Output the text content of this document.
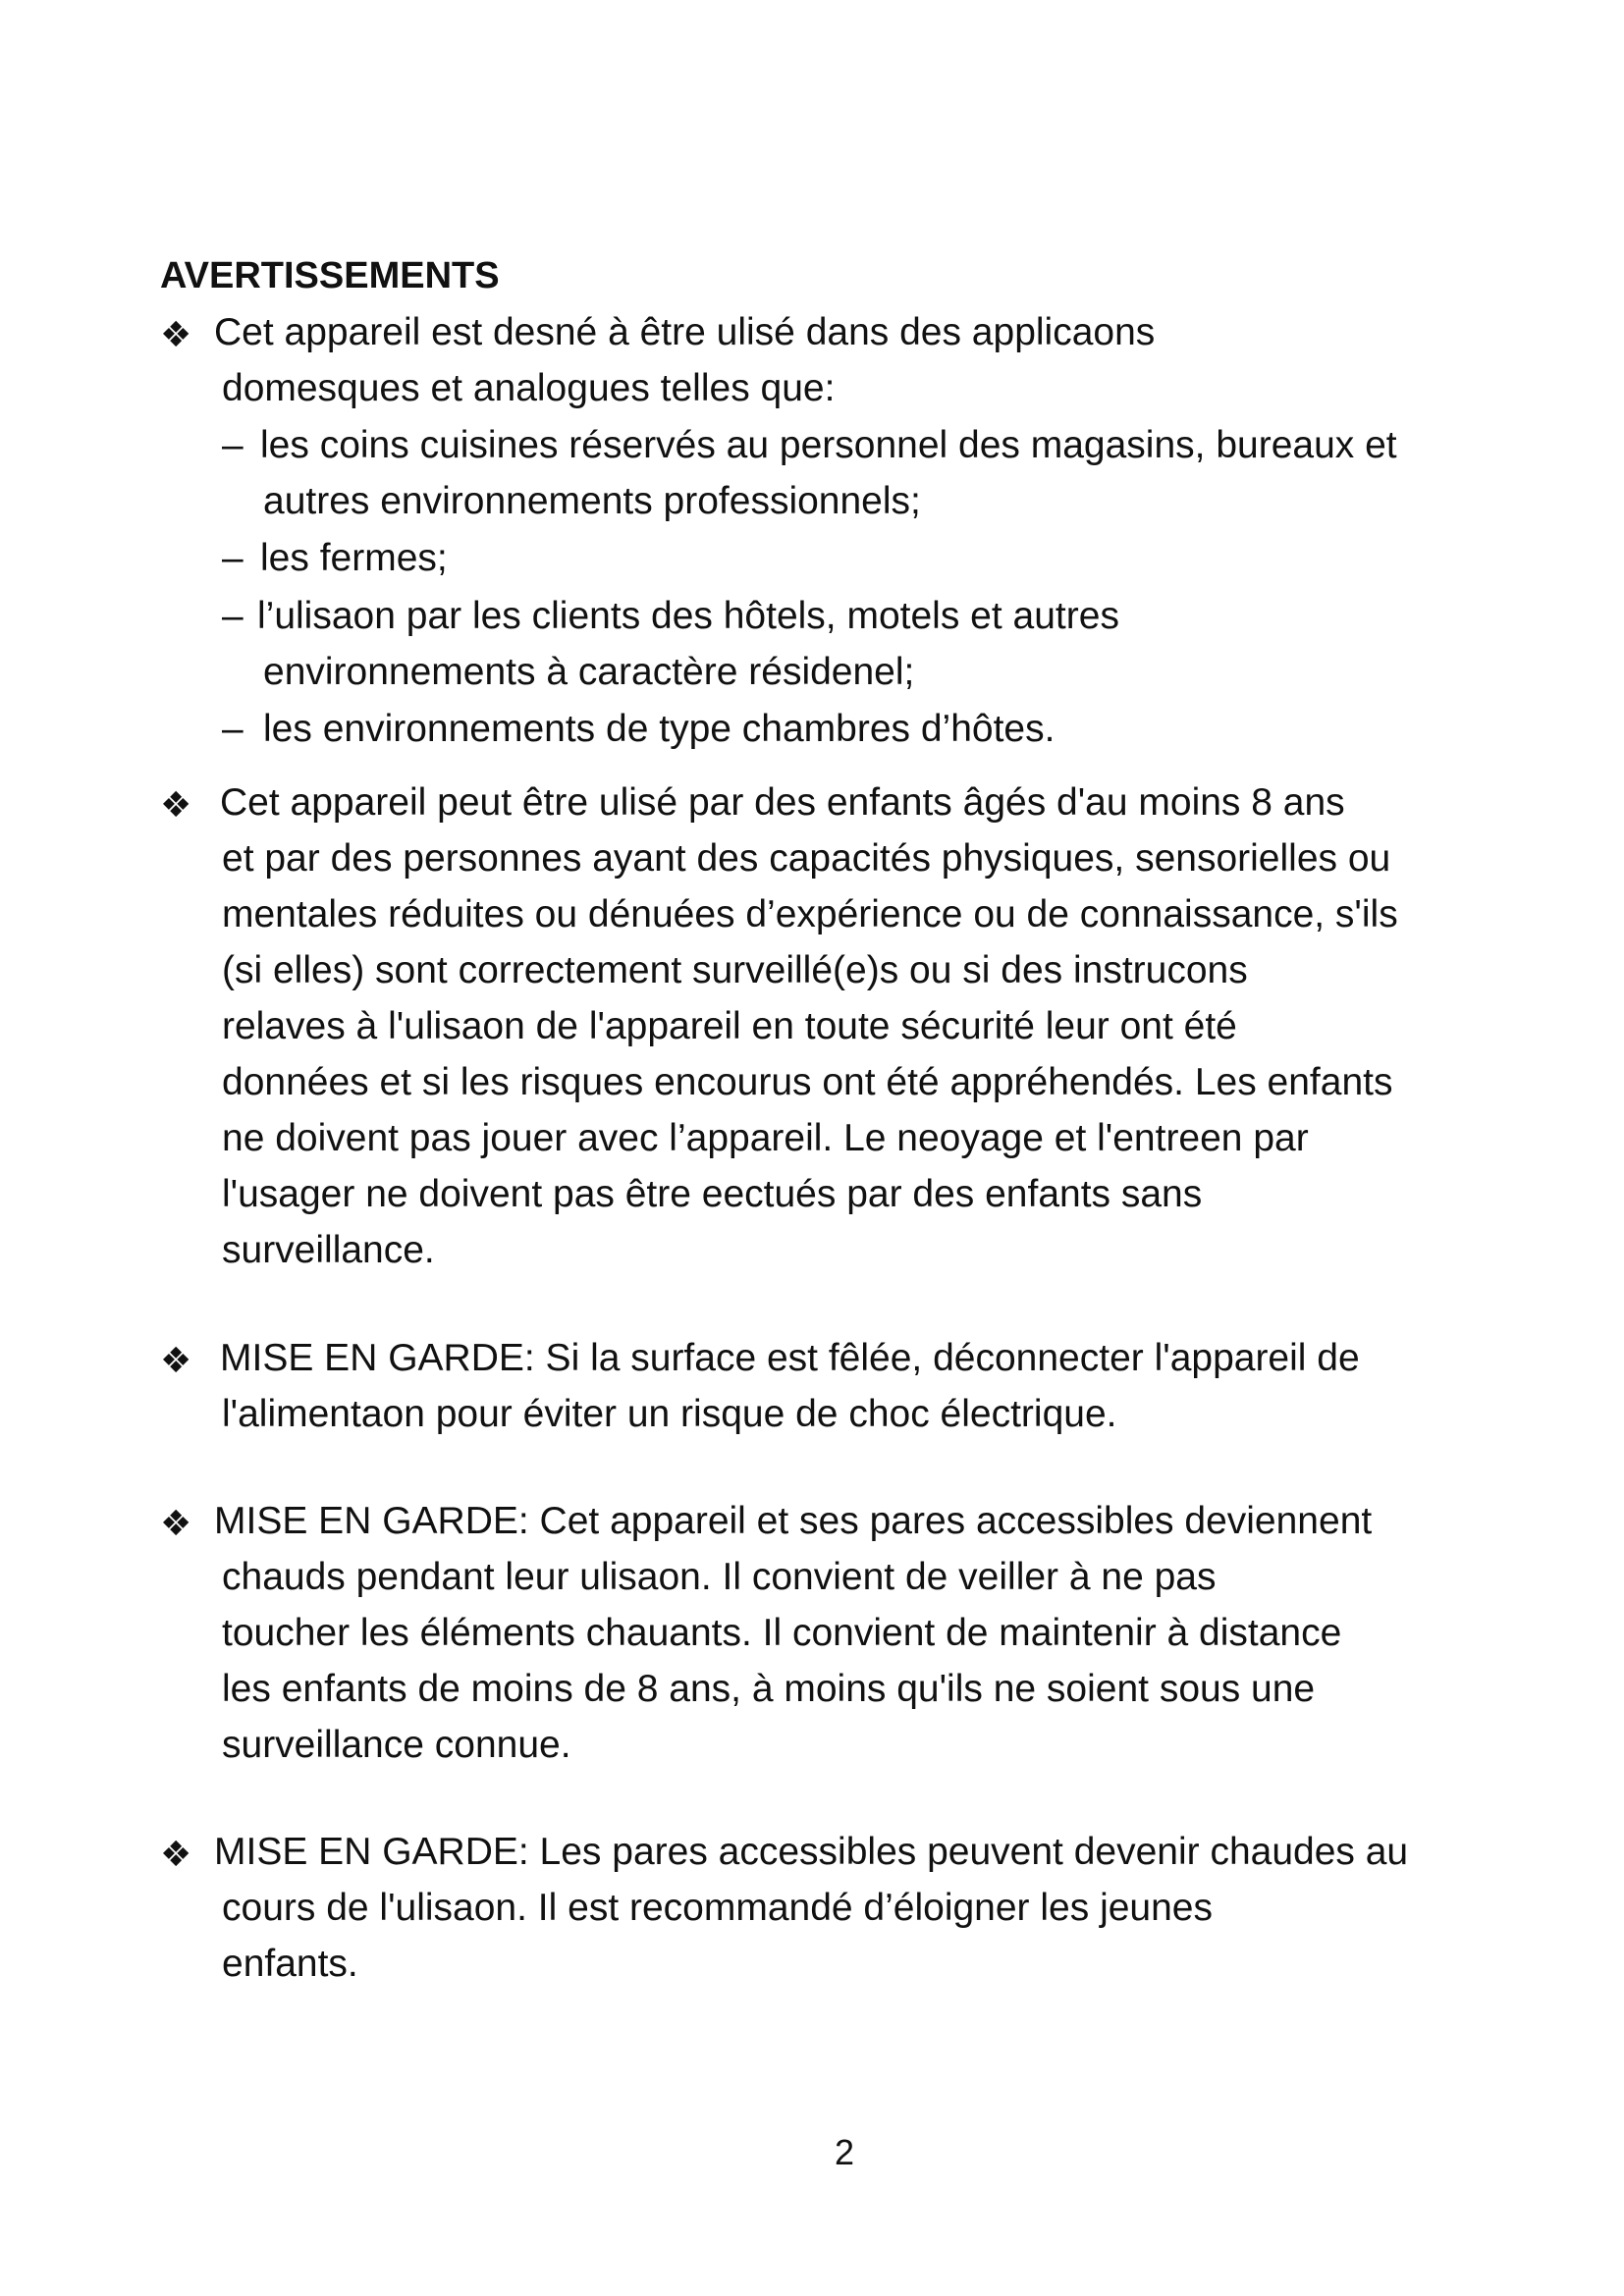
AVERTISSEMENTS
❖ Cet appareil est desné à être ulisé dans des applicaons
domesques et analogues telles que:
– les coins cuisines réservés au personnel des magasins, bureaux et
autres environnements professionnels;
– les fermes;
– l’ulisaon par les clients des hôtels, motels et autres
environnements à caractère résidenel;
– les environnements de type chambres d’hôtes.
❖ Cet appareil peut être ulisé par des enfants âgés d'au moins 8 ans
et par des personnes ayant des capacités physiques, sensorielles ou
mentales réduites ou dénuées d’expérience ou de connaissance, s'ils
(si elles) sont correctement surveillé(e)s ou si des instrucons
relaves à l'ulisaon de l'appareil en toute sécurité leur ont été
données et si les risques encourus ont été appréhendés. Les enfants
ne doivent pas jouer avec l’appareil. Le neoyage et l'entreen par
l'usager ne doivent pas être eectués par des enfants sans
surveillance.
❖ MISE EN GARDE: Si la surface est fêlée, déconnecter l'appareil de
l'alimentaon pour éviter un risque de choc électrique.
❖ MISE EN GARDE: Cet appareil et ses pares accessibles deviennent
chauds pendant leur ulisaon. Il convient de veiller à ne pas
toucher les éléments chauants. Il convient de maintenir à distance
les enfants de moins de 8 ans, à moins qu'ils ne soient sous une
surveillance connue.
❖ MISE EN GARDE: Les pares accessibles peuvent devenir chaudes au
cours de l'ulisaon. Il est recommandé d’éloigner les jeunes
enfants.
2
